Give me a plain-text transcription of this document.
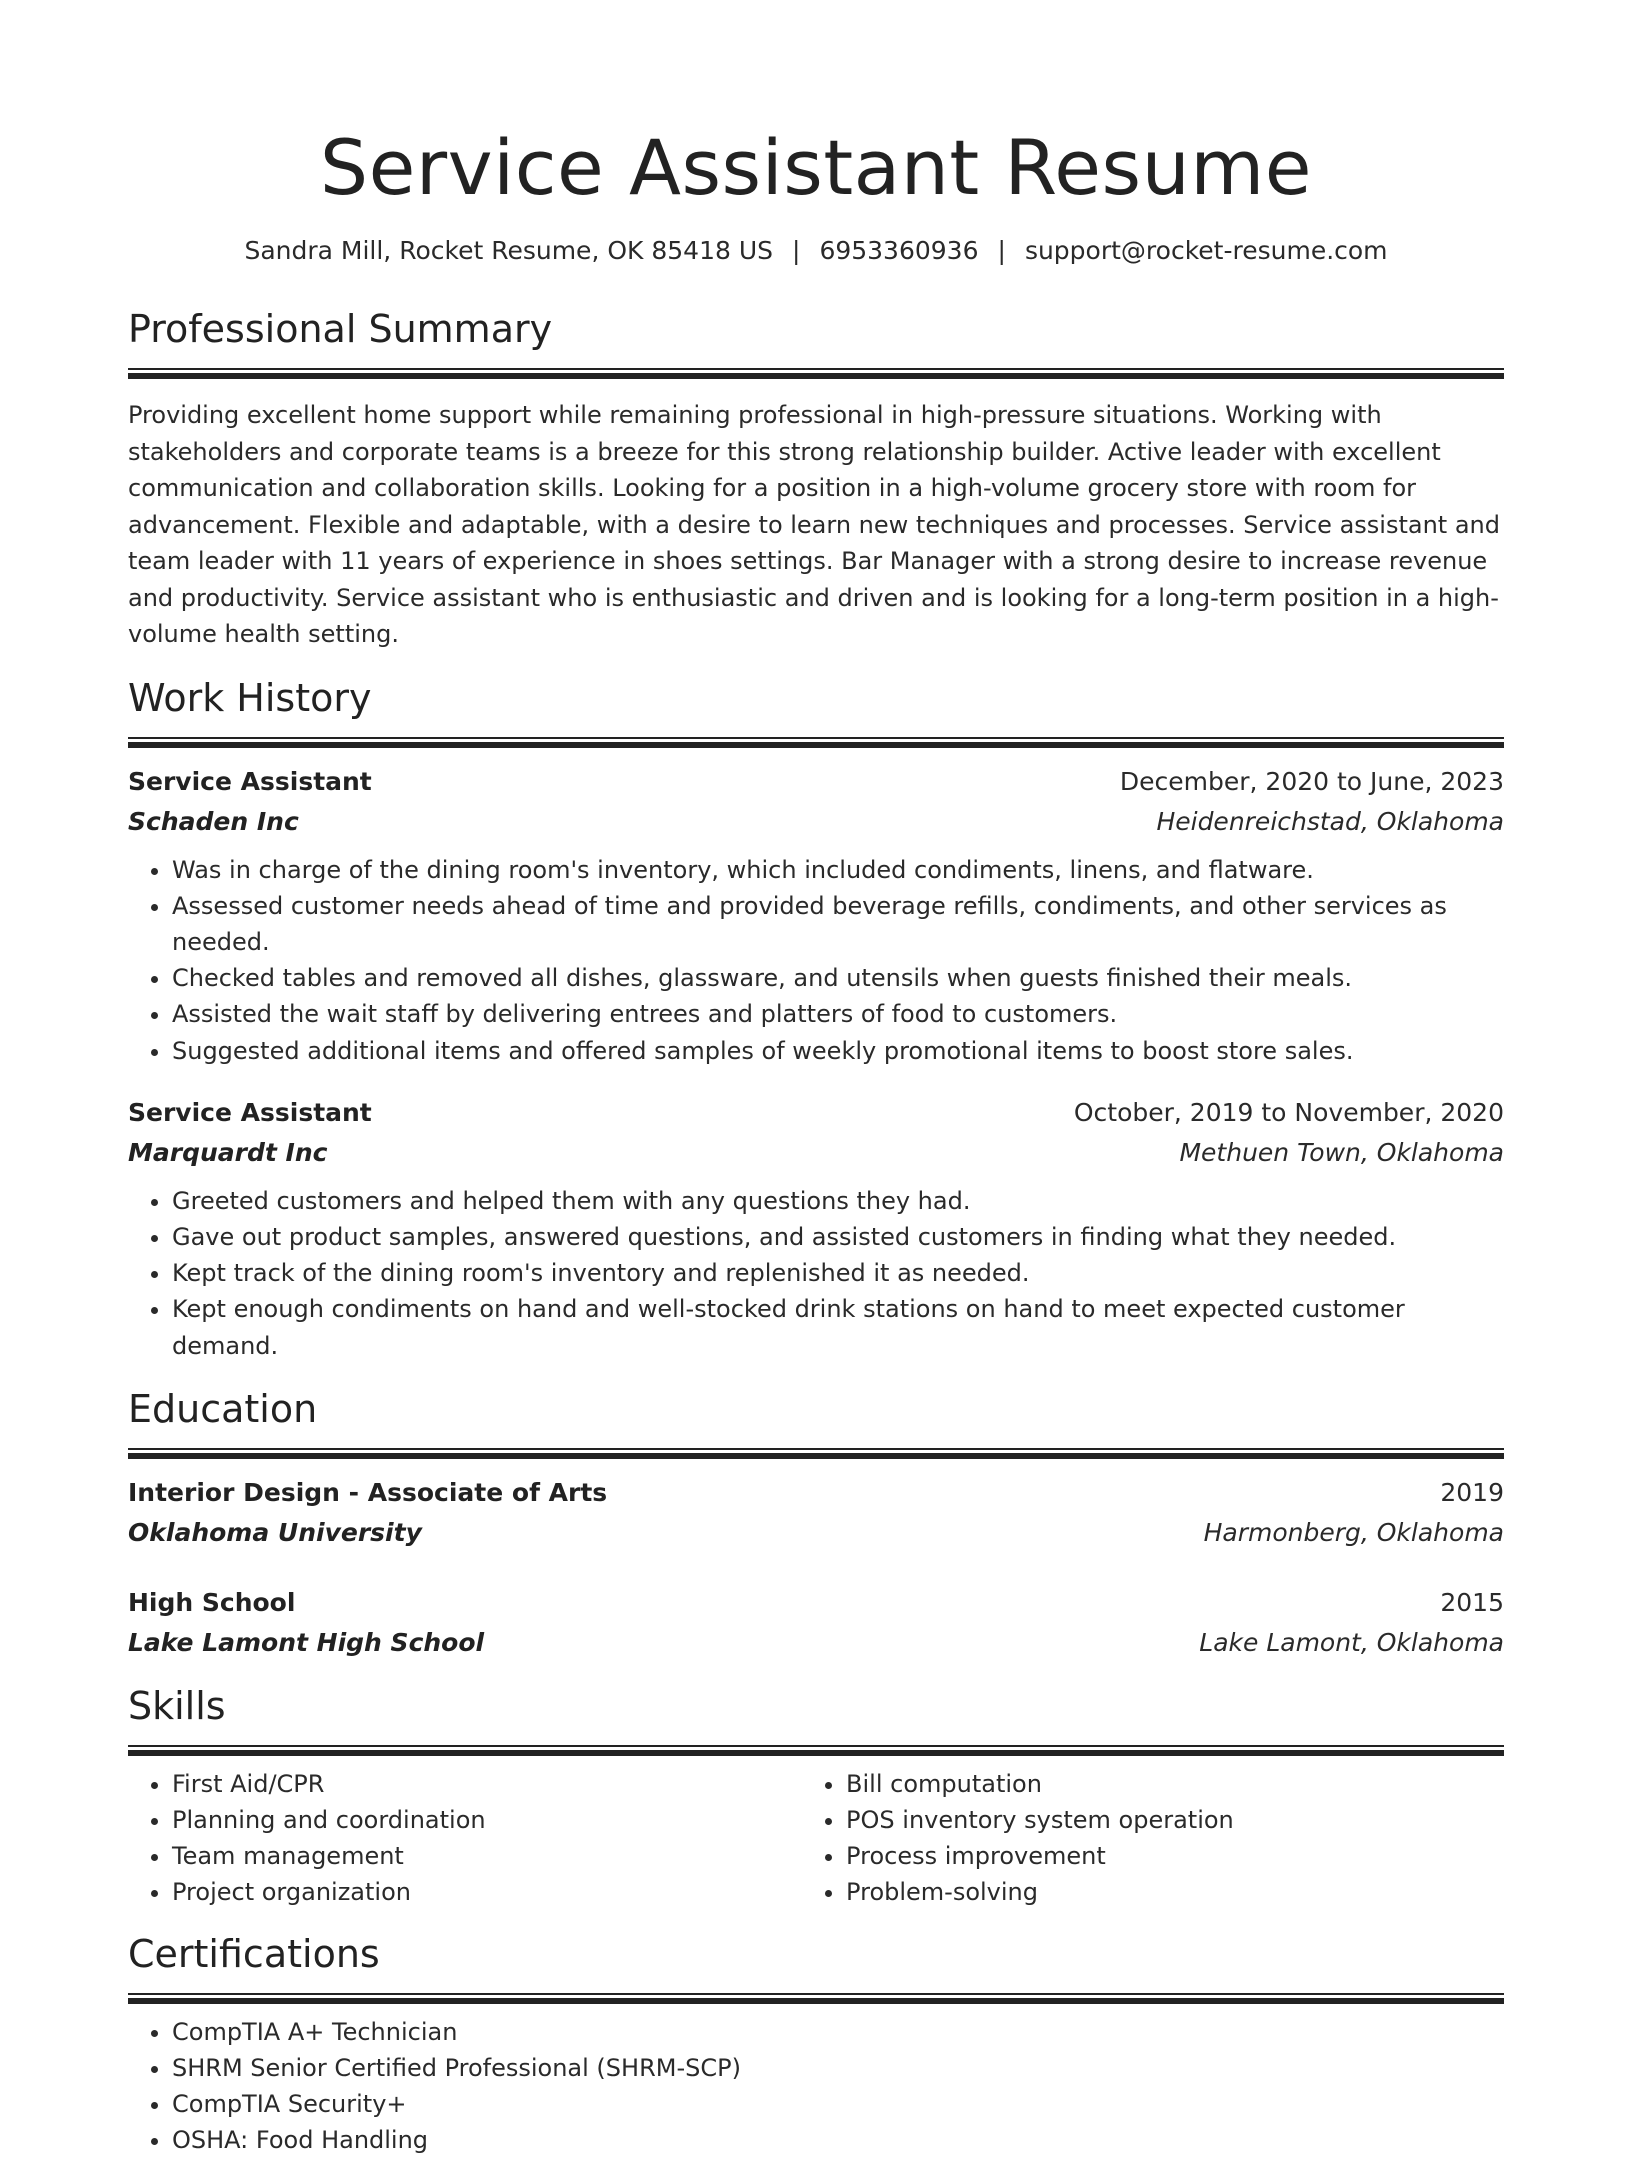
Service Assistant Resume
Sandra Mill, Rocket Resume, OK 85418 US | 6953360936 | support@rocket-resume.com
Professional Summary

Providing excellent home support while remaining professional in high-pressure situations. Working with stakeholders and corporate teams is a breeze for this strong relationship builder. Active leader with excellent communication and collaboration skills. Looking for a position in a high-volume grocery store with room for advancement. Flexible and adaptable, with a desire to learn new techniques and processes. Service assistant and team leader with 11 years of experience in shoes settings. Bar Manager with a strong desire to increase revenue and productivity. Service assistant who is enthusiastic and driven and is looking for a long-term position in a high-volume health setting.

Work History
Service Assistant	December, 2020 to June, 2023
Schaden Inc	Heidenreichstad, Oklahoma
• Was in charge of the dining room's inventory, which included condiments, linens, and flatware.
• Assessed customer needs ahead of time and provided beverage refills, condiments, and other services as needed.
• Checked tables and removed all dishes, glassware, and utensils when guests finished their meals.
• Assisted the wait staff by delivering entrees and platters of food to customers.
• Suggested additional items and offered samples of weekly promotional items to boost store sales.
Service Assistant	October, 2019 to November, 2020
Marquardt Inc	Methuen Town, Oklahoma
• Greeted customers and helped them with any questions they had.
• Gave out product samples, answered questions, and assisted customers in finding what they needed.
• Kept track of the dining room's inventory and replenished it as needed.
• Kept enough condiments on hand and well-stocked drink stations on hand to meet expected customer demand.
Education
Interior Design - Associate of Arts	2019
Oklahoma University	Harmonberg, Oklahoma
High School	2015
Lake Lamont High School	Lake Lamont, Oklahoma
Skills
• First Aid/CPR
• Planning and coordination
• Team management
• Project organization
• Bill computation
• POS inventory system operation
• Process improvement
• Problem-solving
Certifications
• CompTIA A+ Technician
• SHRM Senior Certified Professional (SHRM-SCP)
• CompTIA Security+
• OSHA: Food Handling
